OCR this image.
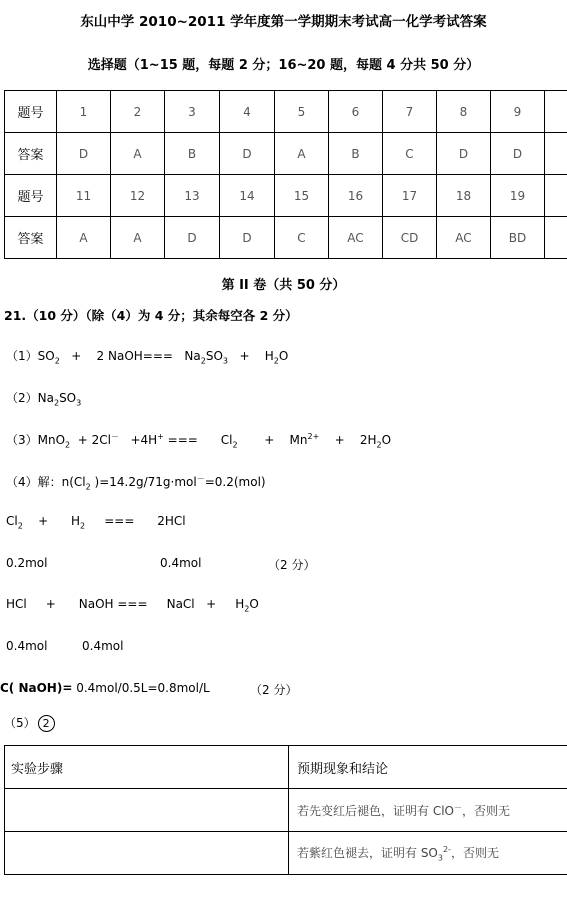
东山中学 2010~2011 学年度第一学期期末考试高一化学考试答案
选择题（1~15 题，每题 2 分；16~20 题，每题 4 分共 50 分）
题号	1	2	3	4	5	6	7	8	9	
答案	D	A	B	D	A	B	C	D	D	
题号	11	12	13	14	15	16	17	18	19	
答案	A	A	D	D	C	AC	CD	AC	BD	
第 II 卷（共 50 分）
21.（10 分）（除（4）为 4 分；其余每空各 2 分）
$(1)SO_2$   +    2 NaOH===   $Na_2SO_3$   +    $H_2O$
$(2)Na_2SO_3$
（3）MnO$_2$  + 2Cl－   +4H+ ===      $Cl_2$       +    $Mn^{2+}$    +    $2H_2O$
（4）解：$n(Cl_2$ )=14.2g/71g·mol－=0.2(mol)
$Cl_2$    +      $H_2$     ===      2HCl
0.2mol	0.4mol	（2 分）
HCl     +      NaOH ===     NaCl   +     $H_2O$
0.4mol	0.4mol
C( NaOH)= 0.4mol/0.5L=0.8mol/L	（2 分）
（5） 2
实验步骤	预期现象和结论
	若先变红后褪色，证明有 ClO－，否则无
	若紫红色褪去，证明有 $SO_3^{2-}$，否则无
